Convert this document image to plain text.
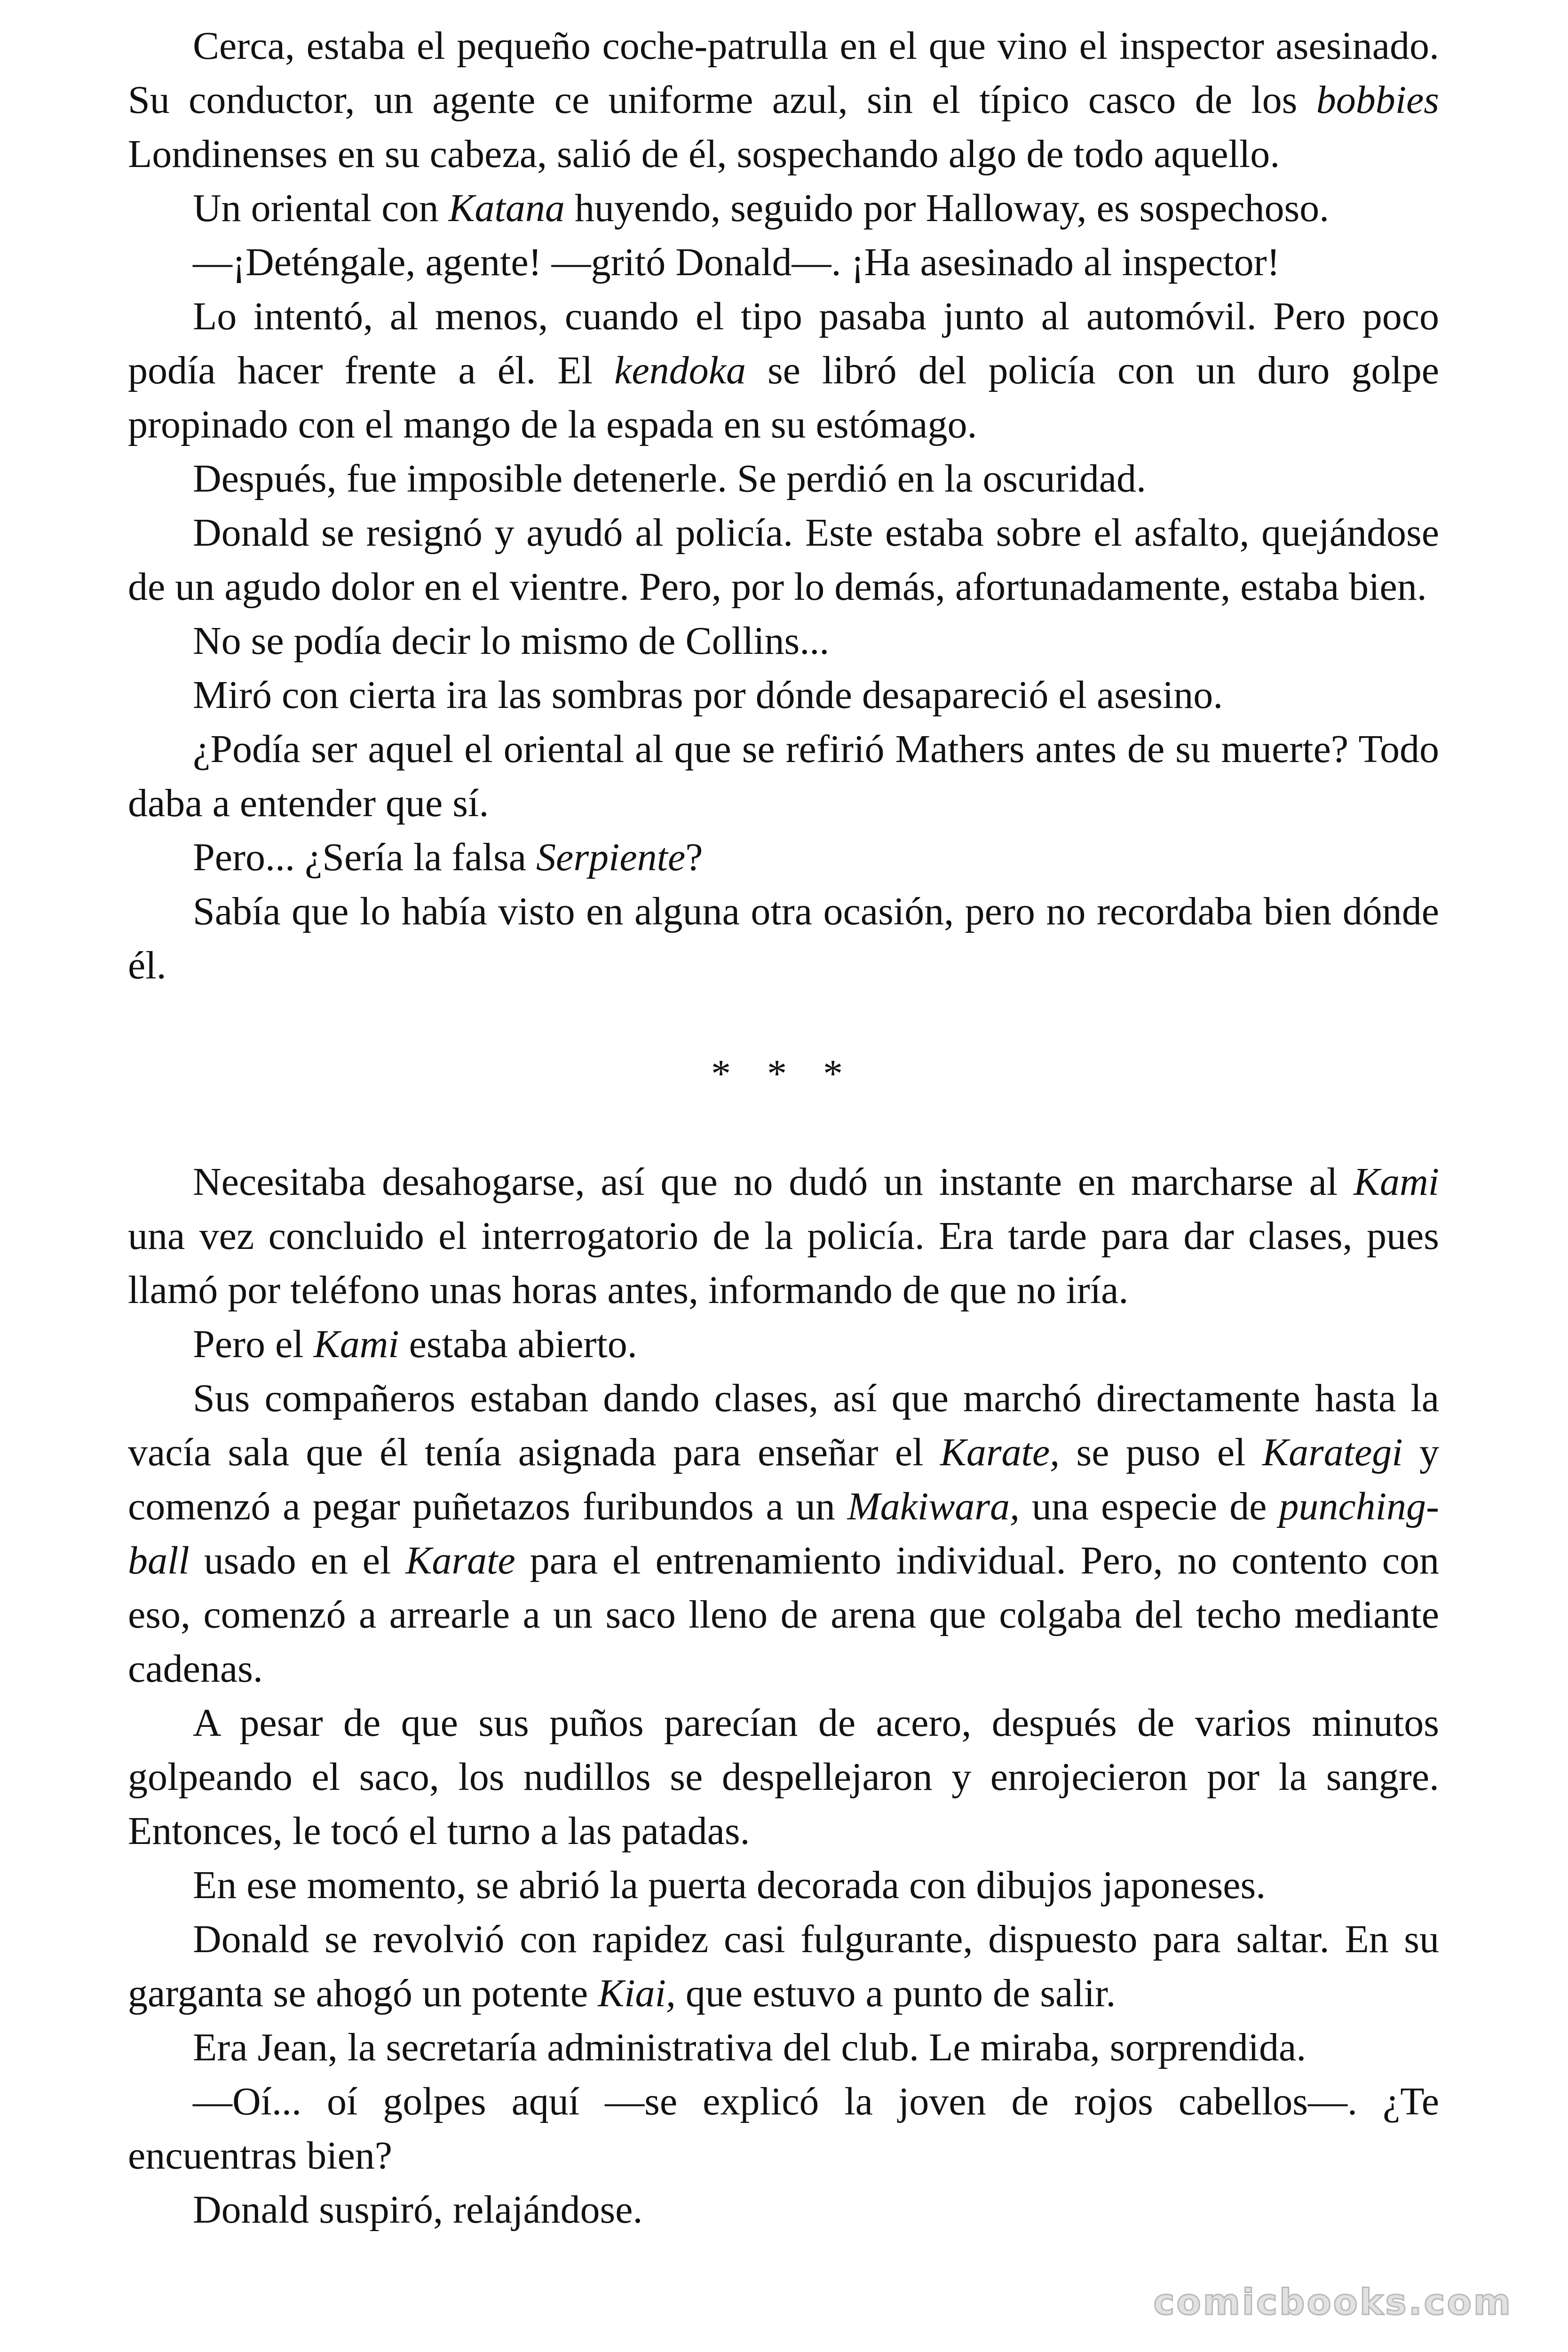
Cerca, estaba el pequeño coche-patrulla en el que vino el inspector asesinado. Su conductor, un agente ce uniforme azul, sin el típico casco de los bobbies Londinenses en su cabeza, salió de él, sospechando algo de todo aquello.

Un oriental con Katana huyendo, seguido por Halloway, es sospechoso.

—¡Deténgale, agente! —gritó Donald—. ¡Ha asesinado al inspector!

Lo intentó, al menos, cuando el tipo pasaba junto al automóvil. Pero poco podía hacer frente a él. El kendoka se libró del policía con un duro golpe propinado con el mango de la espada en su estómago.

Después, fue imposible detenerle. Se perdió en la oscuridad.

Donald se resignó y ayudó al policía. Este estaba sobre el asfalto, quejándose de un agudo dolor en el vientre. Pero, por lo demás, afortunadamente, estaba bien.

No se podía decir lo mismo de Collins...

Miró con cierta ira las sombras por dónde desapareció el asesino.

¿Podía ser aquel el oriental al que se refirió Mathers antes de su muerte? Todo daba a entender que sí.

Pero... ¿Sería la falsa Serpiente?

Sabía que lo había visto en alguna otra ocasión, pero no recordaba bien dónde él.

* * *

Necesitaba desahogarse, así que no dudó un instante en marcharse al Kami una vez concluido el interrogatorio de la policía. Era tarde para dar clases, pues llamó por teléfono unas horas antes, informando de que no iría.

Pero el Kami estaba abierto.

Sus compañeros estaban dando clases, así que marchó directamente hasta la vacía sala que él tenía asignada para enseñar el Karate, se puso el Karategi y comenzó a pegar puñetazos furibundos a un Makiwara, una especie de punching-ball usado en el Karate para el entrenamiento individual. Pero, no contento con eso, comenzó a arrearle a un saco lleno de arena que colgaba del techo mediante cadenas.

A pesar de que sus puños parecían de acero, después de varios minutos golpeando el saco, los nudillos se despellejaron y enrojecieron por la sangre. Entonces, le tocó el turno a las patadas.

En ese momento, se abrió la puerta decorada con dibujos japoneses.

Donald se revolvió con rapidez casi fulgurante, dispuesto para saltar. En su garganta se ahogó un potente Kiai, que estuvo a punto de salir.

Era Jean, la secretaría administrativa del club. Le miraba, sorprendida.

—Oí... oí golpes aquí —se explicó la joven de rojos cabellos—. ¿Te encuentras bien?

Donald suspiró, relajándose.

comicbooks.com
